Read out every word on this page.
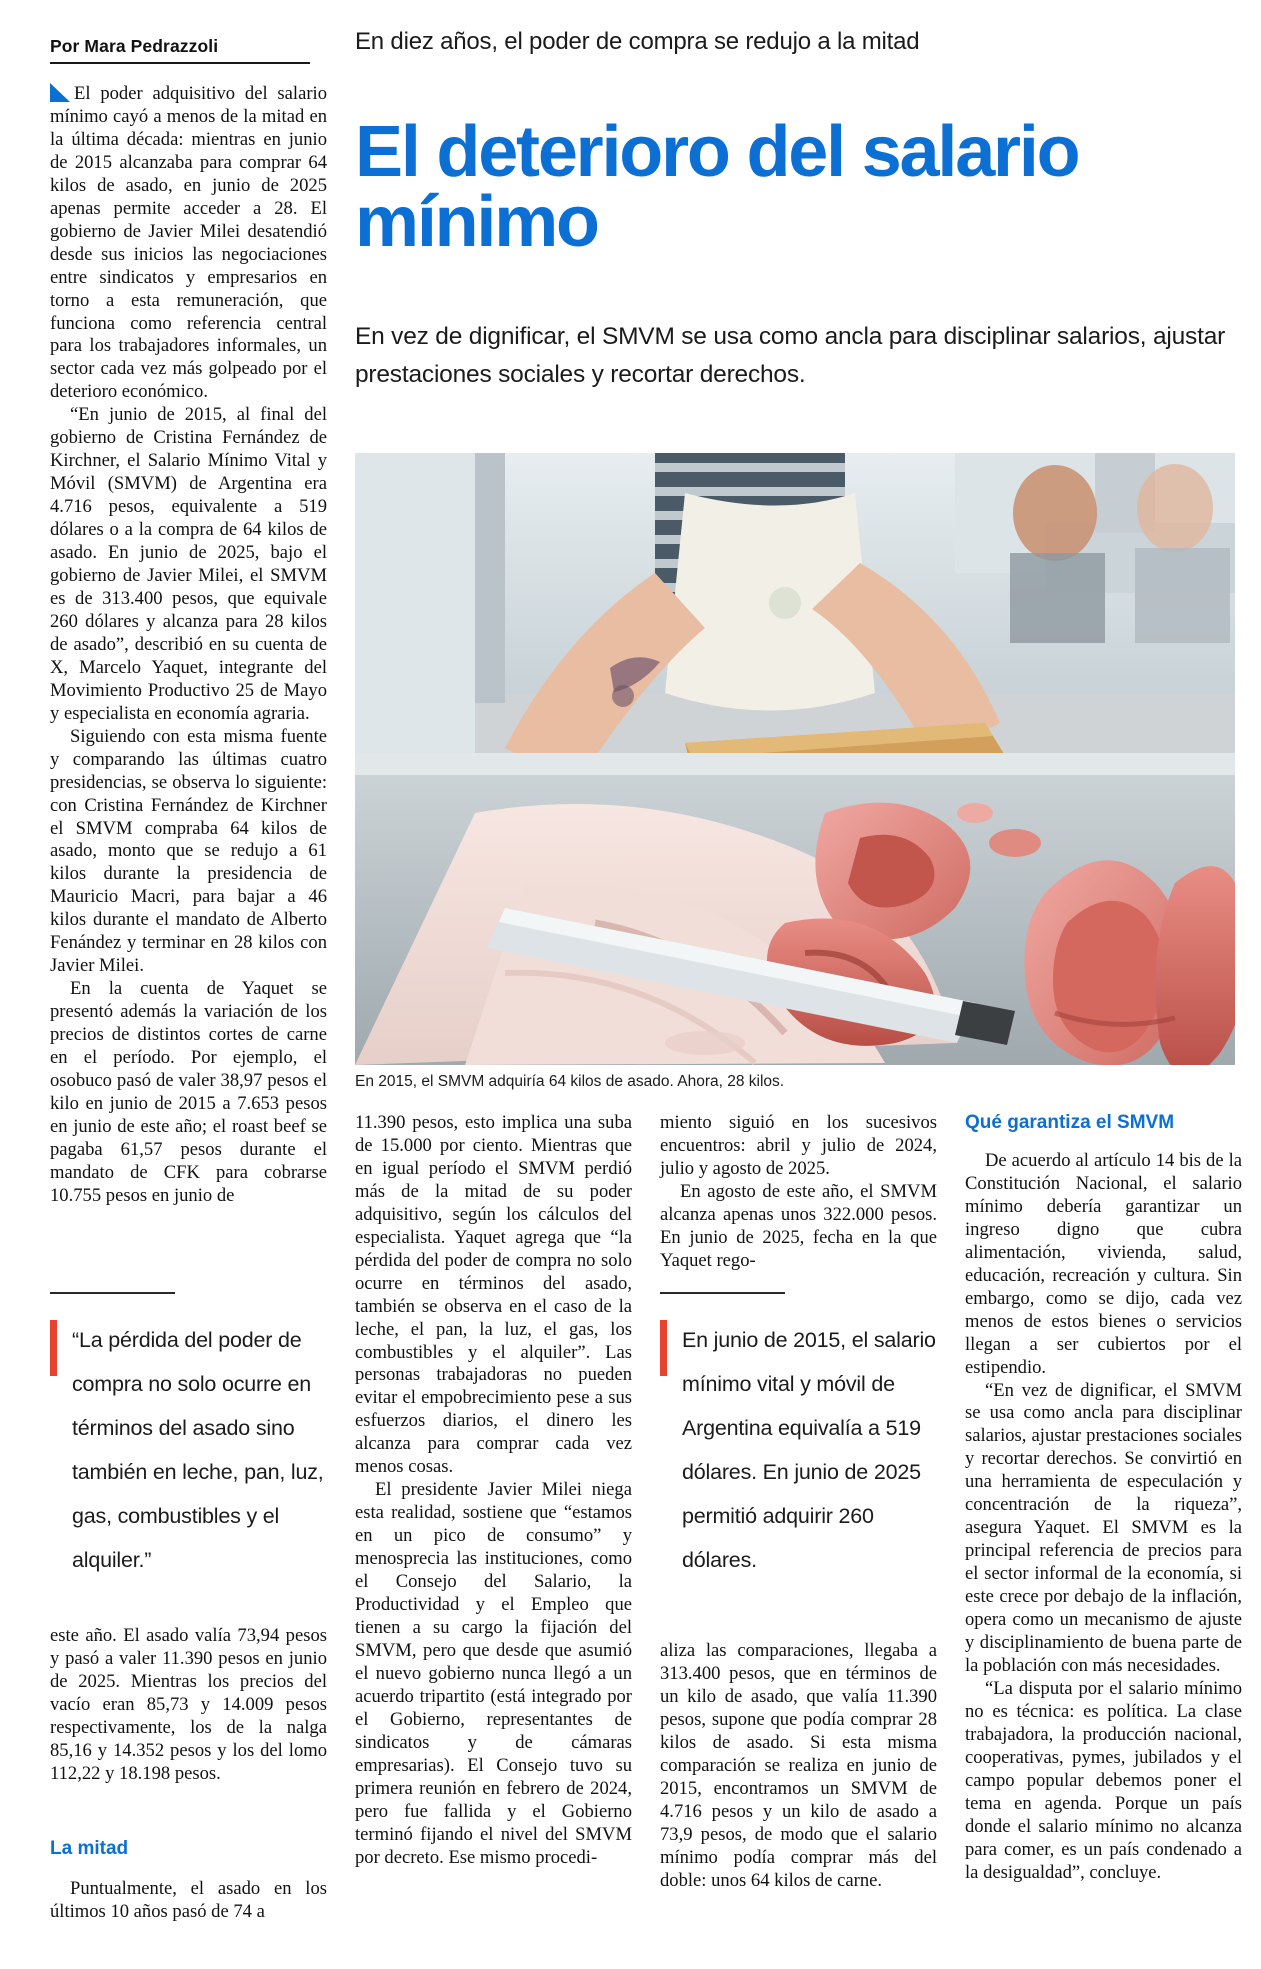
Por Mara Pedrazzoli	En diez años, el poder de compra se redujo a la mitad
El deterioro del salario mínimo
En vez de dignificar, el SMVM se usa como ancla para disciplinar salarios, ajustar prestaciones sociales y recortar derechos.
En 2015, el SMVM adquiría 64 kilos de asado. Ahora, 28 kilos.

El poder adquisitivo del salario mínimo cayó a menos de la mitad en la última década: mientras en junio de 2015 alcanzaba para comprar 64 kilos de asado, en junio de 2025 apenas permite acceder a 28. El gobierno de Javier Milei desatendió desde sus inicios las negociaciones entre sindicatos y empresarios en torno a esta remuneración, que funciona como referencia central para los trabajadores informales, un sector cada vez más golpeado por el deterioro económico.

“En junio de 2015, al final del gobierno de Cristina Fernández de Kirchner, el Salario Mínimo Vital y Móvil (SMVM) de Argentina era 4.716 pesos, equivalente a 519 dólares o a la compra de 64 kilos de asado. En junio de 2025, bajo el gobierno de Javier Milei, el SMVM es de 313.400 pesos, que equivale 260 dólares y alcanza para 28 kilos de asado”, describió en su cuenta de X, Marcelo Yaquet, integrante del Movimiento Productivo 25 de Mayo y especialista en economía agraria.

Siguiendo con esta misma fuente y comparando las últimas cuatro presidencias, se observa lo siguiente: con Cristina Fernández de Kirchner el SMVM compraba 64 kilos de asado, monto que se redujo a 61 kilos durante la presidencia de Mauricio Macri, para bajar a 46 kilos durante el mandato de Alberto Fenández y terminar en 28 kilos con Javier Milei.

En la cuenta de Yaquet se presentó además la variación de los precios de distintos cortes de carne en el período. Por ejemplo, el osobuco pasó de valer 38,97 pesos el kilo en junio de 2015 a 7.653 pesos en junio de este año; el roast beef se pagaba 61,57 pesos durante el mandato de CFK para cobrarse 10.755 pesos en junio de

“La pérdida del poder de compra no solo ocurre en términos del asado sino también en leche, pan, luz, gas, combustibles y el alquiler.”

este año. El asado valía 73,94 pesos y pasó a valer 11.390 pesos en junio de 2025. Mientras los precios del vacío eran 85,73 y 14.009 pesos respectivamente, los de la nalga 85,16 y 14.352 pesos y los del lomo 112,22 y 18.198 pesos.

La mitad

Puntualmente, el asado en los últimos 10 años pasó de 74 a

11.390 pesos, esto implica una suba de 15.000 por ciento. Mientras que en igual período el SMVM perdió más de la mitad de su poder adquisitivo, según los cálculos del especialista. Yaquet agrega que “la pérdida del poder de compra no solo ocurre en términos del asado, también se observa en el caso de la leche, el pan, la luz, el gas, los combustibles y el alquiler”. Las personas trabajadoras no pueden evitar el empobrecimiento pese a sus esfuerzos diarios, el dinero les alcanza para comprar cada vez menos cosas.

El presidente Javier Milei niega esta realidad, sostiene que “estamos en un pico de consumo” y menosprecia las instituciones, como el Consejo del Salario, la Productividad y el Empleo que tienen a su cargo la fijación del SMVM, pero que desde que asumió el nuevo gobierno nunca llegó a un acuerdo tripartito (está integrado por el Gobierno, representantes de sindicatos y de cámaras empresarias). El Consejo tuvo su primera reunión en febrero de 2024, pero fue fallida y el Gobierno terminó fijando el nivel del SMVM por decreto. Ese mismo procedi-

miento siguió en los sucesivos encuentros: abril y julio de 2024, julio y agosto de 2025.

En agosto de este año, el SMVM alcanza apenas unos 322.000 pesos. En junio de 2025, fecha en la que Yaquet rego-

En junio de 2015, el salario mínimo vital y móvil de Argentina equivalía a 519 dólares. En junio de 2025 permitió adquirir 260 dólares.

aliza las comparaciones, llegaba a 313.400 pesos, que en términos de un kilo de asado, que valía 11.390 pesos, supone que podía comprar 28 kilos de asado. Si esta misma comparación se realiza en junio de 2015, encontramos un SMVM de 4.716 pesos y un kilo de asado a 73,9 pesos, de modo que el salario mínimo podía comprar más del doble: unos 64 kilos de carne.

Qué garantiza el SMVM

De acuerdo al artículo 14 bis de la Constitución Nacional, el salario mínimo debería garantizar un ingreso digno que cubra alimentación, vivienda, salud, educación, recreación y cultura. Sin embargo, como se dijo, cada vez menos de estos bienes o servicios llegan a ser cubiertos por el estipendio.

“En vez de dignificar, el SMVM se usa como ancla para disciplinar salarios, ajustar prestaciones sociales y recortar derechos. Se convirtió en una herramienta de especulación y concentración de la riqueza”, asegura Yaquet. El SMVM es la principal referencia de precios para el sector informal de la economía, si este crece por debajo de la inflación, opera como un mecanismo de ajuste y disciplinamiento de buena parte de la población con más necesidades.

“La disputa por el salario mínimo no es técnica: es política. La clase trabajadora, la producción nacional, cooperativas, pymes, jubilados y el campo popular debemos poner el tema en agenda. Porque un país donde el salario mínimo no alcanza para comer, es un país condenado a la desigualdad”, concluye.
